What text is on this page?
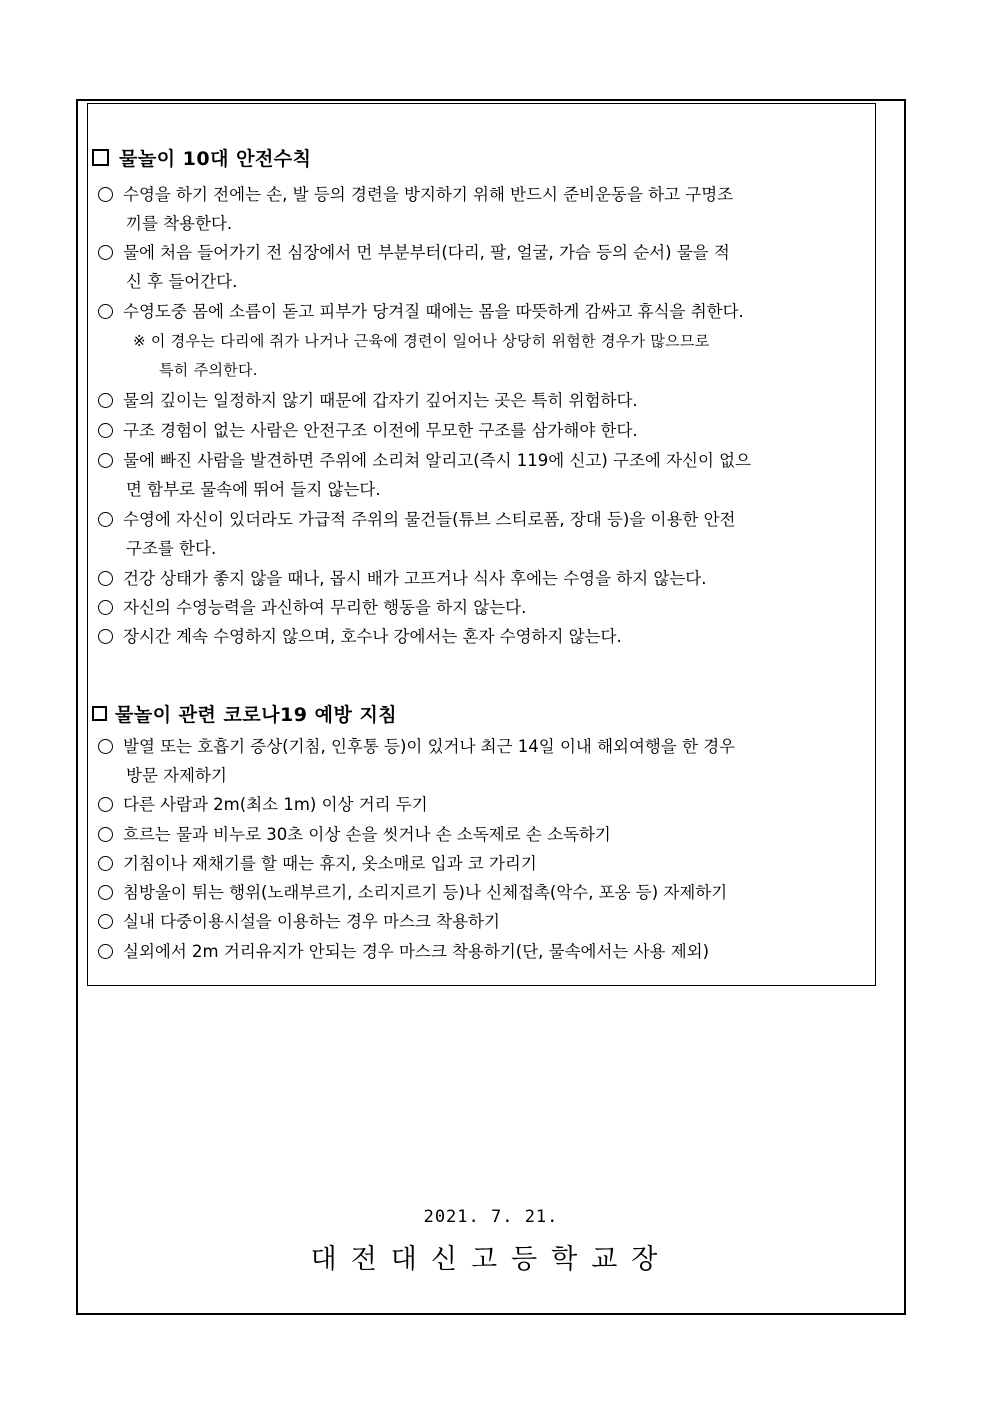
물놀이 10대 안전수칙
수영을 하기 전에는 손, 발 등의 경련을 방지하기 위해 반드시 준비운동을 하고 구명조
끼를 착용한다.
물에 처음 들어가기 전 심장에서 먼 부분부터(다리, 팔, 얼굴, 가슴 등의 순서) 물을 적
신 후 들어간다.
수영도중 몸에 소름이 돋고 피부가 당겨질 때에는 몸을 따뜻하게 감싸고 휴식을 취한다.
※ 이 경우는 다리에 쥐가 나거나 근육에 경련이 일어나 상당히 위험한 경우가 많으므로
특히 주의한다.
물의 깊이는 일정하지 않기 때문에 갑자기 깊어지는 곳은 특히 위험하다.
구조 경험이 없는 사람은 안전구조 이전에 무모한 구조를 삼가해야 한다.
물에 빠진 사람을 발견하면 주위에 소리쳐 알리고(즉시 119에 신고) 구조에 자신이 없으
면 함부로 물속에 뛰어 들지 않는다.
수영에 자신이 있더라도 가급적 주위의 물건들(튜브 스티로폼, 장대 등)을 이용한 안전
구조를 한다.
건강 상태가 좋지 않을 때나, 몹시 배가 고프거나 식사 후에는 수영을 하지 않는다.
자신의 수영능력을 과신하여 무리한 행동을 하지 않는다.
장시간 계속 수영하지 않으며, 호수나 강에서는 혼자 수영하지 않는다.
물놀이 관련 코로나19 예방 지침
발열 또는 호흡기 증상(기침, 인후통 등)이 있거나 최근 14일 이내 해외여행을 한 경우
방문 자제하기
다른 사람과 2m(최소 1m) 이상 거리 두기
흐르는 물과 비누로 30초 이상 손을 씻거나 손 소독제로 손 소독하기
기침이나 재채기를 할 때는 휴지, 옷소매로 입과 코 가리기
침방울이 튀는 행위(노래부르기, 소리지르기 등)나 신체접촉(악수, 포옹 등) 자제하기
실내 다중이용시설을 이용하는 경우 마스크 착용하기
실외에서 2m 거리유지가 안되는 경우 마스크 착용하기(단, 물속에서는 사용 제외)
2021. 7. 21.
대전대신고등학교장
